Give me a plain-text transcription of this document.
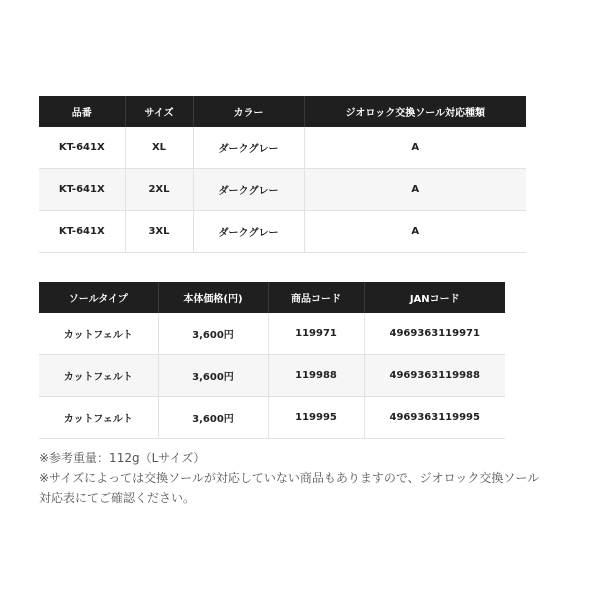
品番	サイズ	カラー	ジオロック交換ソール対応種類
KT-641X	XL	ダークグレー	A
KT-641X	2XL	ダークグレー	A
KT-641X	3XL	ダークグレー	A
ソールタイプ	本体価格(円)	商品コード	JANコード
カットフェルト	3,600円	119971	4969363119971
カットフェルト	3,600円	119988	4969363119988
カットフェルト	3,600円	119995	4969363119995
※参考重量：112g（Lサイズ）
※サイズによっては交換ソールが対応していない商品もありますので、ジオロック交換ソール
対応表にてご確認ください。
